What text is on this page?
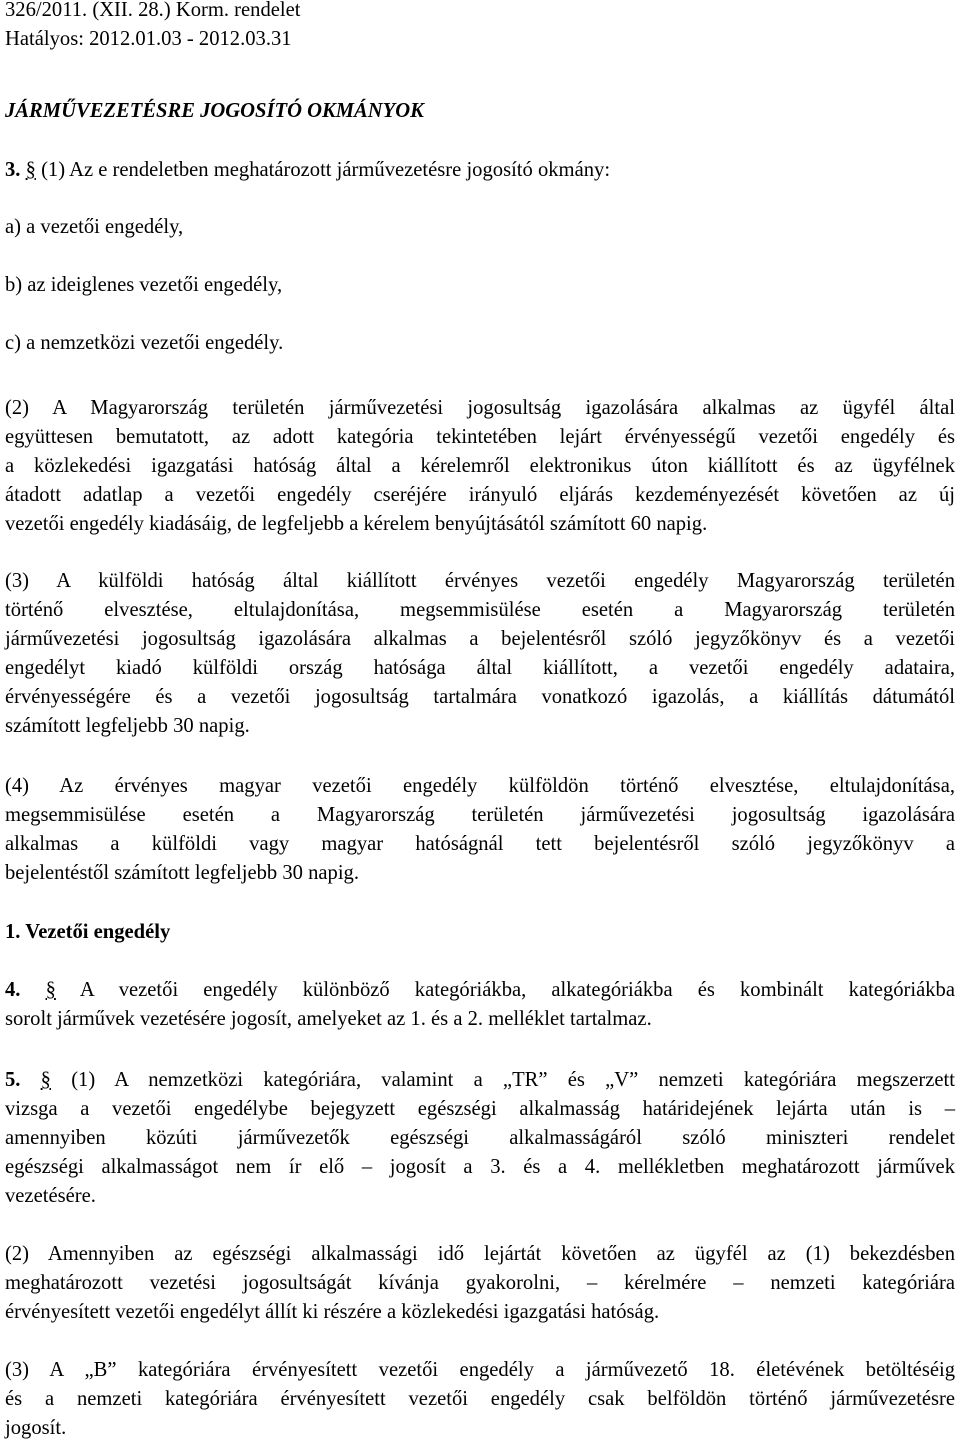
326/2011. (XII. 28.) Korm. rendelet

Hatályos: 2012.01.03 - 2012.03.31

JÁRMŰVEZETÉSRE JOGOSÍTÓ OKMÁNYOK

3. § (1) Az e rendeletben meghatározott járművezetésre jogosító okmány:

a) a vezetői engedély,

b) az ideiglenes vezetői engedély,

c) a nemzetközi vezetői engedély.

(2) A Magyarország területén járművezetési jogosultság igazolására alkalmas az ügyfél által

együttesen bemutatott, az adott kategória tekintetében lejárt érvényességű vezetői engedély és

a közlekedési igazgatási hatóság által a kérelemről elektronikus úton kiállított és az ügyfélnek

átadott adatlap a vezetői engedély cseréjére irányuló eljárás kezdeményezését követően az új

vezetői engedély kiadásáig, de legfeljebb a kérelem benyújtásától számított 60 napig.

(3) A külföldi hatóság által kiállított érvényes vezetői engedély Magyarország területén

történő elvesztése, eltulajdonítása, megsemmisülése esetén a Magyarország területén

járművezetési jogosultság igazolására alkalmas a bejelentésről szóló jegyzőkönyv és a vezetői

engedélyt kiadó külföldi ország hatósága által kiállított, a vezetői engedély adataira,

érvényességére és a vezetői jogosultság tartalmára vonatkozó igazolás, a kiállítás dátumától

számított legfeljebb 30 napig.

(4) Az érvényes magyar vezetői engedély külföldön történő elvesztése, eltulajdonítása,

megsemmisülése esetén a Magyarország területén járművezetési jogosultság igazolására

alkalmas a külföldi vagy magyar hatóságnál tett bejelentésről szóló jegyzőkönyv a

bejelentéstől számított legfeljebb 30 napig.

1. Vezetői engedély

4. § A vezetői engedély különböző kategóriákba, alkategóriákba és kombinált kategóriákba

sorolt járművek vezetésére jogosít, amelyeket az 1. és a 2. melléklet tartalmaz.

5. § (1) A nemzetközi kategóriára, valamint a „TR” és „V” nemzeti kategóriára megszerzett

vizsga a vezetői engedélybe bejegyzett egészségi alkalmasság határidejének lejárta után is –

amennyiben közúti járművezetők egészségi alkalmasságáról szóló miniszteri rendelet

egészségi alkalmasságot nem ír elő – jogosít a 3. és a 4. mellékletben meghatározott járművek

vezetésére.

(2) Amennyiben az egészségi alkalmassági idő lejártát követően az ügyfél az (1) bekezdésben

meghatározott vezetési jogosultságát kívánja gyakorolni, – kérelmére – nemzeti kategóriára

érvényesített vezetői engedélyt állít ki részére a közlekedési igazgatási hatóság.

(3) A „B” kategóriára érvényesített vezetői engedély a járművezető 18. életévének betöltéséig

és a nemzeti kategóriára érvényesített vezetői engedély csak belföldön történő járművezetésre

jogosít.
